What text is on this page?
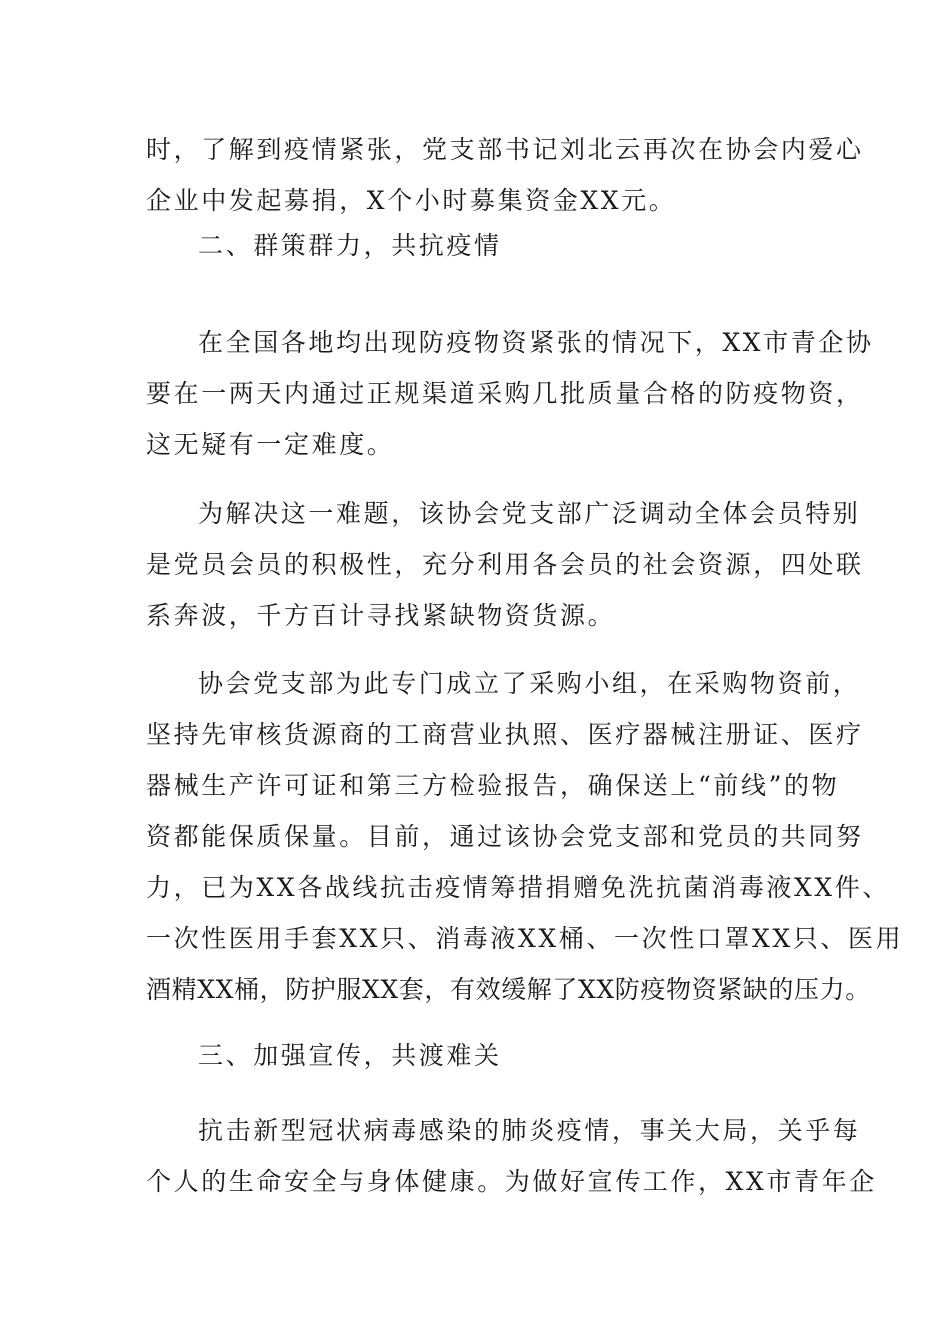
时，了解到疫情紧张，党支部书记刘北云再次在协会内爱心
企业中发起募捐，X个小时募集资金XX元。

二、群策群力，共抗疫情

在全国各地均出现防疫物资紧张的情况下，XX市青企协
要在一两天内通过正规渠道采购几批质量合格的防疫物资，
这无疑有一定难度。

为解决这一难题，该协会党支部广泛调动全体会员特别
是党员会员的积极性，充分利用各会员的社会资源，四处联
系奔波，千方百计寻找紧缺物资货源。

协会党支部为此专门成立了采购小组，在采购物资前，
坚持先审核货源商的工商营业执照、医疗器械注册证、医疗
器械生产许可证和第三方检验报告，确保送上“前线”的物
资都能保质保量。目前，通过该协会党支部和党员的共同努
力，已为XX各战线抗击疫情筹措捐赠免洗抗菌消毒液XX件、
一次性医用手套XX只、消毒液XX桶、一次性口罩XX只、医用
酒精XX桶，防护服XX套，有效缓解了XX防疫物资紧缺的压力。

三、加强宣传，共渡难关

抗击新型冠状病毒感染的肺炎疫情，事关大局，关乎每
个人的生命安全与身体健康。为做好宣传工作，XX市青年企
